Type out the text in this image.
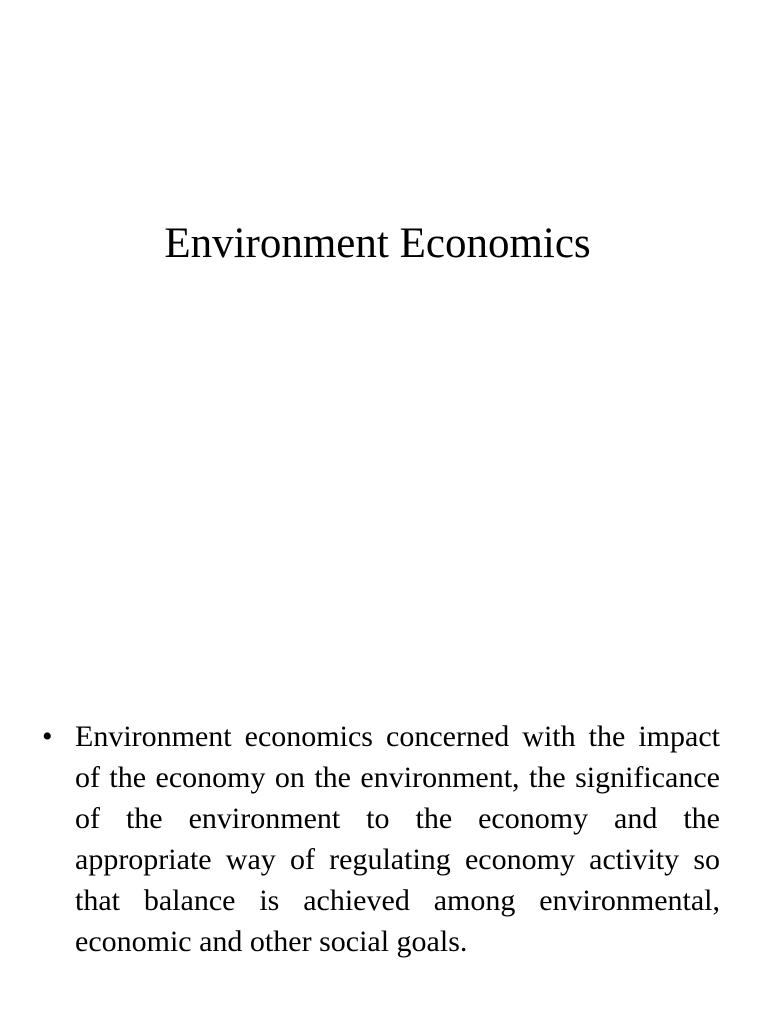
Environment Economics
• Environment economics concerned with the impact of the economy on the environment, the significance of the environment to the economy and the appropriate way of regulating economy activity so that balance is achieved among environmental, economic and other social goals.
